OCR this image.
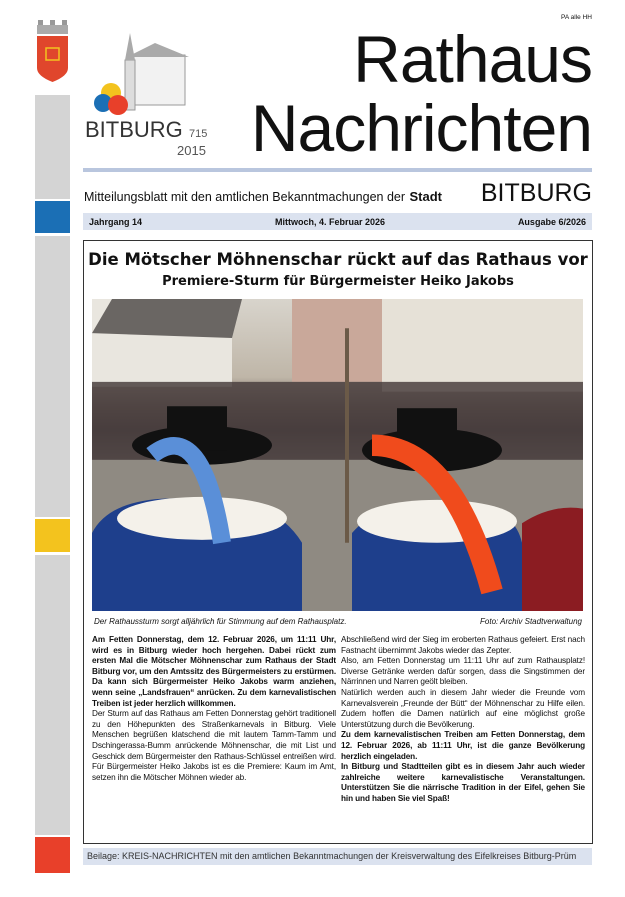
BITBURG 715
2015
PA alle HH
Rathaus
Nachrichten
Mitteilungsblatt mit den amtlichen Bekanntmachungen der Stadt BITBURG
Jahrgang 14	Mittwoch, 4. Februar 2026	Ausgabe 6/2026
Die Mötscher Möhnenschar rückt auf das Rathaus vor
Premiere-Sturm für Bürgermeister Heiko Jakobs
Der Rathaussturm sorgt alljährlich für Stimmung auf dem Rathausplatz.	Foto: Archiv Stadtverwaltung

Am Fetten Donnerstag, dem 12. Februar 2026, um 11:11 Uhr, wird es in Bitburg wieder hoch hergehen. Dabei rückt zum ersten Mal die Mötscher Möhnenschar zum Rathaus der Stadt Bitburg vor, um den Amtssitz des Bürgermeisters zu erstürmen. Da kann sich Bürgermeister Heiko Jakobs warm anziehen, wenn seine „Landsfrauen“ anrücken. Zu dem karnevalistischen Treiben ist jeder herzlich willkommen.

Der Sturm auf das Rathaus am Fetten Donnerstag gehört traditionell zu den Höhepunkten des Straßenkarnevals in Bitburg. Viele Menschen begrüßen klatschend die mit lautem Tamm-Tamm und Dschingerassa-Bumm anrückende Möhnenschar, die mit List und Geschick dem Bürgermeister den Rathaus-Schlüssel entreißen wird. Für Bürgermeister Heiko Jakobs ist es die Premiere: Kaum im Amt, setzen ihn die Mötscher Möhnen wieder ab.

Abschließend wird der Sieg im eroberten Rathaus gefeiert. Erst nach Fastnacht übernimmt Jakobs wieder das Zepter.

Also, am Fetten Donnerstag um 11:11 Uhr auf zum Rathausplatz! Diverse Getränke werden dafür sorgen, dass die Singstimmen der Närrinnen und Narren geölt bleiben.

Natürlich werden auch in diesem Jahr wieder die Freunde vom Karnevalsverein „Freunde der Bütt“ der Möhnenschar zu Hilfe eilen. Zudem hoffen die Damen natürlich auf eine möglichst große Unterstützung durch die Bevölkerung.

Zu dem karnevalistischen Treiben am Fetten Donnerstag, dem 12. Februar 2026, ab 11:11 Uhr, ist die ganze Bevölkerung herzlich eingeladen.

In Bitburg und Stadtteilen gibt es in diesem Jahr auch wieder zahlreiche weitere karnevalistische Veranstaltungen. Unterstützen Sie die närrische Tradition in der Eifel, gehen Sie hin und haben Sie viel Spaß!

Beilage: KREIS-NACHRICHTEN mit den amtlichen Bekanntmachungen der Kreisverwaltung des Eifelkreises Bitburg-Prüm
